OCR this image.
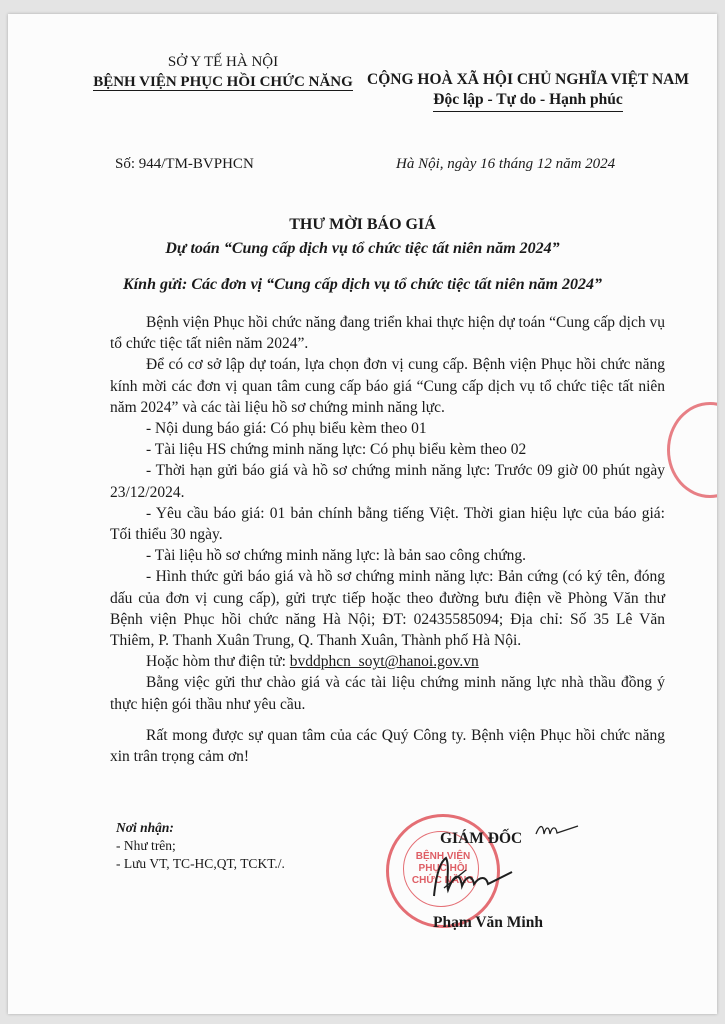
SỞ Y TẾ HÀ NỘI
BỆNH VIỆN PHỤC HỒI CHỨC NĂNG CỘNG HOÀ XÃ HỘI CHỦ NGHĨA VIỆT NAM
Độc lập - Tự do - Hạnh phúc
Số: 944/TM-BVPHCN	Hà Nội, ngày 16 tháng 12 năm 2024
THƯ MỜI BÁO GIÁ
Dự toán “Cung cấp dịch vụ tổ chức tiệc tất niên năm 2024”
Kính gửi: Các đơn vị “Cung cấp dịch vụ tổ chức tiệc tất niên năm 2024”

Bệnh viện Phục hồi chức năng đang triển khai thực hiện dự toán “Cung cấp dịch vụ tổ chức tiệc tất niên năm 2024”.

Để có cơ sở lập dự toán, lựa chọn đơn vị cung cấp. Bệnh viện Phục hồi chức năng kính mời các đơn vị quan tâm cung cấp báo giá “Cung cấp dịch vụ tổ chức tiệc tất niên năm 2024” và các tài liệu hồ sơ chứng minh năng lực.

- Nội dung báo giá: Có phụ biểu kèm theo 01

- Tài liệu HS chứng minh năng lực: Có phụ biểu kèm theo 02

- Thời hạn gửi báo giá và hồ sơ chứng minh năng lực: Trước 09 giờ 00 phút ngày 23/12/2024.

- Yêu cầu báo giá: 01 bản chính bằng tiếng Việt. Thời gian hiệu lực của báo giá: Tối thiểu 30 ngày.

- Tài liệu hồ sơ chứng minh năng lực: là bản sao công chứng.

- Hình thức gửi báo giá và hồ sơ chứng minh năng lực: Bản cứng (có ký tên, đóng dấu của đơn vị cung cấp), gửi trực tiếp hoặc theo đường bưu điện về Phòng Văn thư Bệnh viện Phục hồi chức năng Hà Nội; ĐT: 02435585094; Địa chỉ: Số 35 Lê Văn Thiêm, P. Thanh Xuân Trung, Q. Thanh Xuân, Thành phố Hà Nội.

Hoặc hòm thư điện tử: bvddphcn_soyt@hanoi.gov.vn

Bằng việc gửi thư chào giá và các tài liệu chứng minh năng lực nhà thầu đồng ý thực hiện gói thầu như yêu cầu.

Rất mong được sự quan tâm của các Quý Công ty. Bệnh viện Phục hồi chức năng xin trân trọng cảm ơn!

Nơi nhận:
- Như trên;
- Lưu VT, TC-HC,QT, TCKT./.	BỆNH VIỆN
PHỤC HỒI
CHỨC NĂNG
GIÁM ĐỐC
Phạm Văn Minh
